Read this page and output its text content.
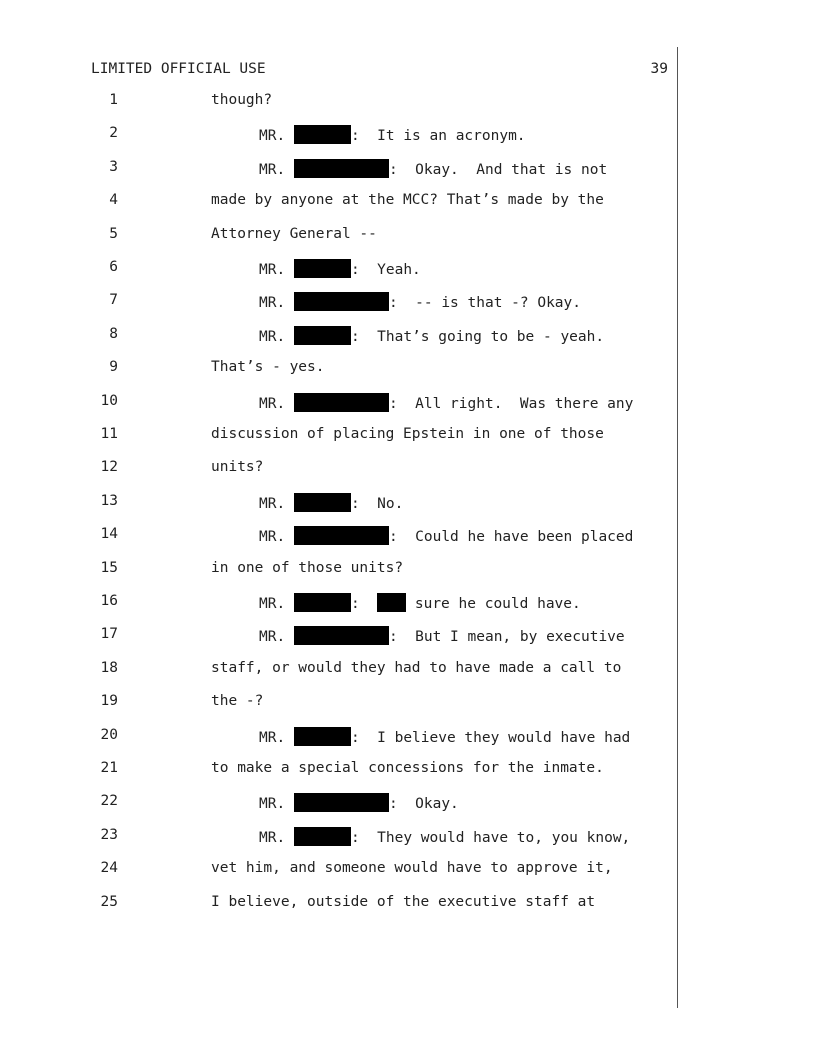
LIMITED OFFICIAL USE	39
1	though?
2	MR.	:  It is an acronym.
3	MR.	:  Okay.  And that is not
4	made by anyone at the MCC? That’s made by the
5	Attorney General --
6	MR.	:  Yeah.
7	MR.	:  -- is that -? Okay.
8	MR.	:  That’s going to be - yeah.
9	That’s - yes.
10	MR.	:  All right.  Was there any
11	discussion of placing Epstein in one of those
12	units?
13	MR.	:  No.
14	MR.	:  Could he have been placed
15	in one of those units?
16	MR.	:   sure he could have.
17	MR.	:  But I mean, by executive
18	staff, or would they had to have made a call to
19	the -?
20	MR.	:  I believe they would have had
21	to make a special concessions for the inmate.
22	MR.	:  Okay.
23	MR.	:  They would have to, you know,
24	vet him, and someone would have to approve it,
25	I believe, outside of the executive staff at
